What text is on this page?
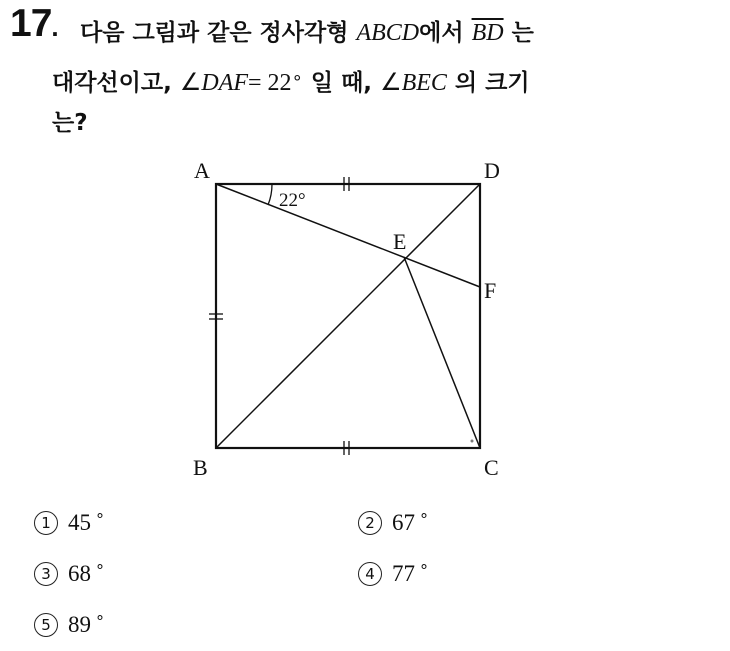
17. 다음 그림과 같은 정사각형 ABCD에서 $\overline{BD}$ 는
대각선이고, ∠DAF= 22∘ 일 때, ∠BEC 의 크기
는?
A	D
E
F
B	C
22°
1 45 ∘	2 67 ∘
3 68 ∘	4 77 ∘
5 89 ∘
